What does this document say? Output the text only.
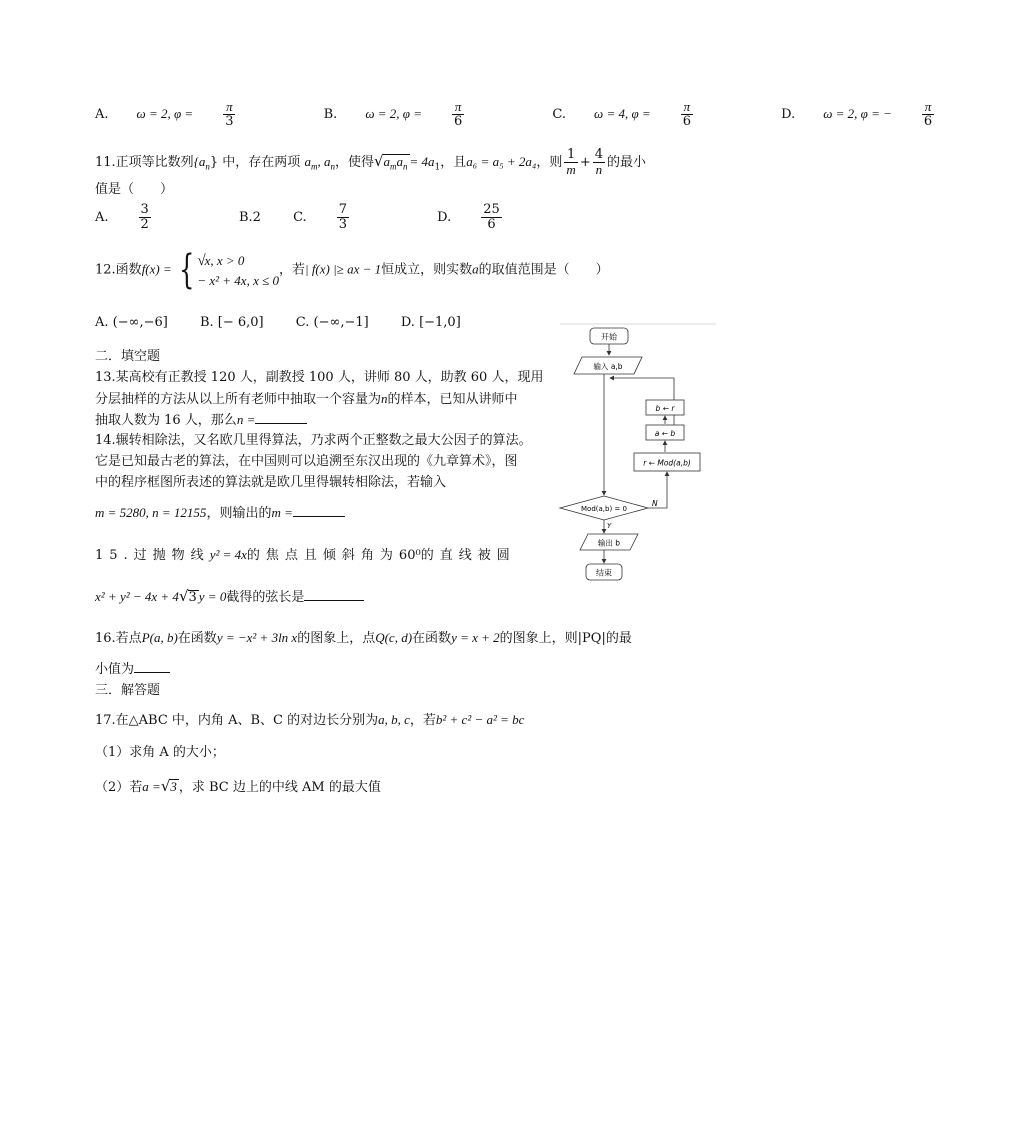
A. ω = 2, $\varphi = \frac{\pi}{3}$	B. ω = 2, $\varphi = \frac{\pi}{6}$	C. ω = 4, $\varphi = \frac{\pi}{6}$	D. ω = 2, φ = − $\frac{\pi}{6}$
11.正项等比数列$\{a_n\}$ 中，存在两项 $a_m$, $a_n$，使得$√a_ma_n = 4a_1$，且a₆ = a₅ + 2a₄，则 $\frac{1}{m} + \frac{4}{n}$ 的最小
值是（　　）
A. $\frac{3}{2}$	B.2 C. $\frac{7}{3}$	D. $\frac{25}{6}$
12.函数f(x) = { √x, x > 0
− x² + 4x, x ≤ 0
，若| f(x) |≥ ax − 1恒成立，则实数a的取值范围是（　　）
A. (−∞,−6] B. [− 6,0] C. (−∞,−1] D. [−1,0]
二．填空题
13.某高校有正教授 120 人，副教授 100 人，讲师 80 人，助教 60 人，现用
分层抽样的方法从以上所有老师中抽取一个容量为n的样本，已知从讲师中
抽取人数为 16 人，那么n =
14.辗转相除法，又名欧几里得算法，乃求两个正整数之最大公因子的算法。
它是已知最古老的算法，在中国则可以追溯至东汉出现的《九章算术》，图
中的程序框图所表述的算法就是欧几里得辗转相除法，若输入
m = 5280, n = 12155，则输出的m =
15.过抛物线y² = 4x的焦点且倾斜角为60⁰的直线被圆
x² + y² − 4x + 4√3 y = 0截得的弦长是
16.若点P(a, b)在函数y = −x² + 3ln x的图象上，点Q(c, d)在函数y = x + 2的图象上，则|PQ|的最
小值为
三．解答题
17.在△ABC 中，内角 A、B、C 的对边长分别为a, b, c，若b² + c² − a² = bc
（1）求角 A 的大小；
（2）若a =√3 ，求 BC 边上的中线 AM 的最大值
开始
输入 a,b
b ← r
a ← b
r ← Mod(a,b)
Mod(a,b) = 0
N
Y
输出 b
结束
